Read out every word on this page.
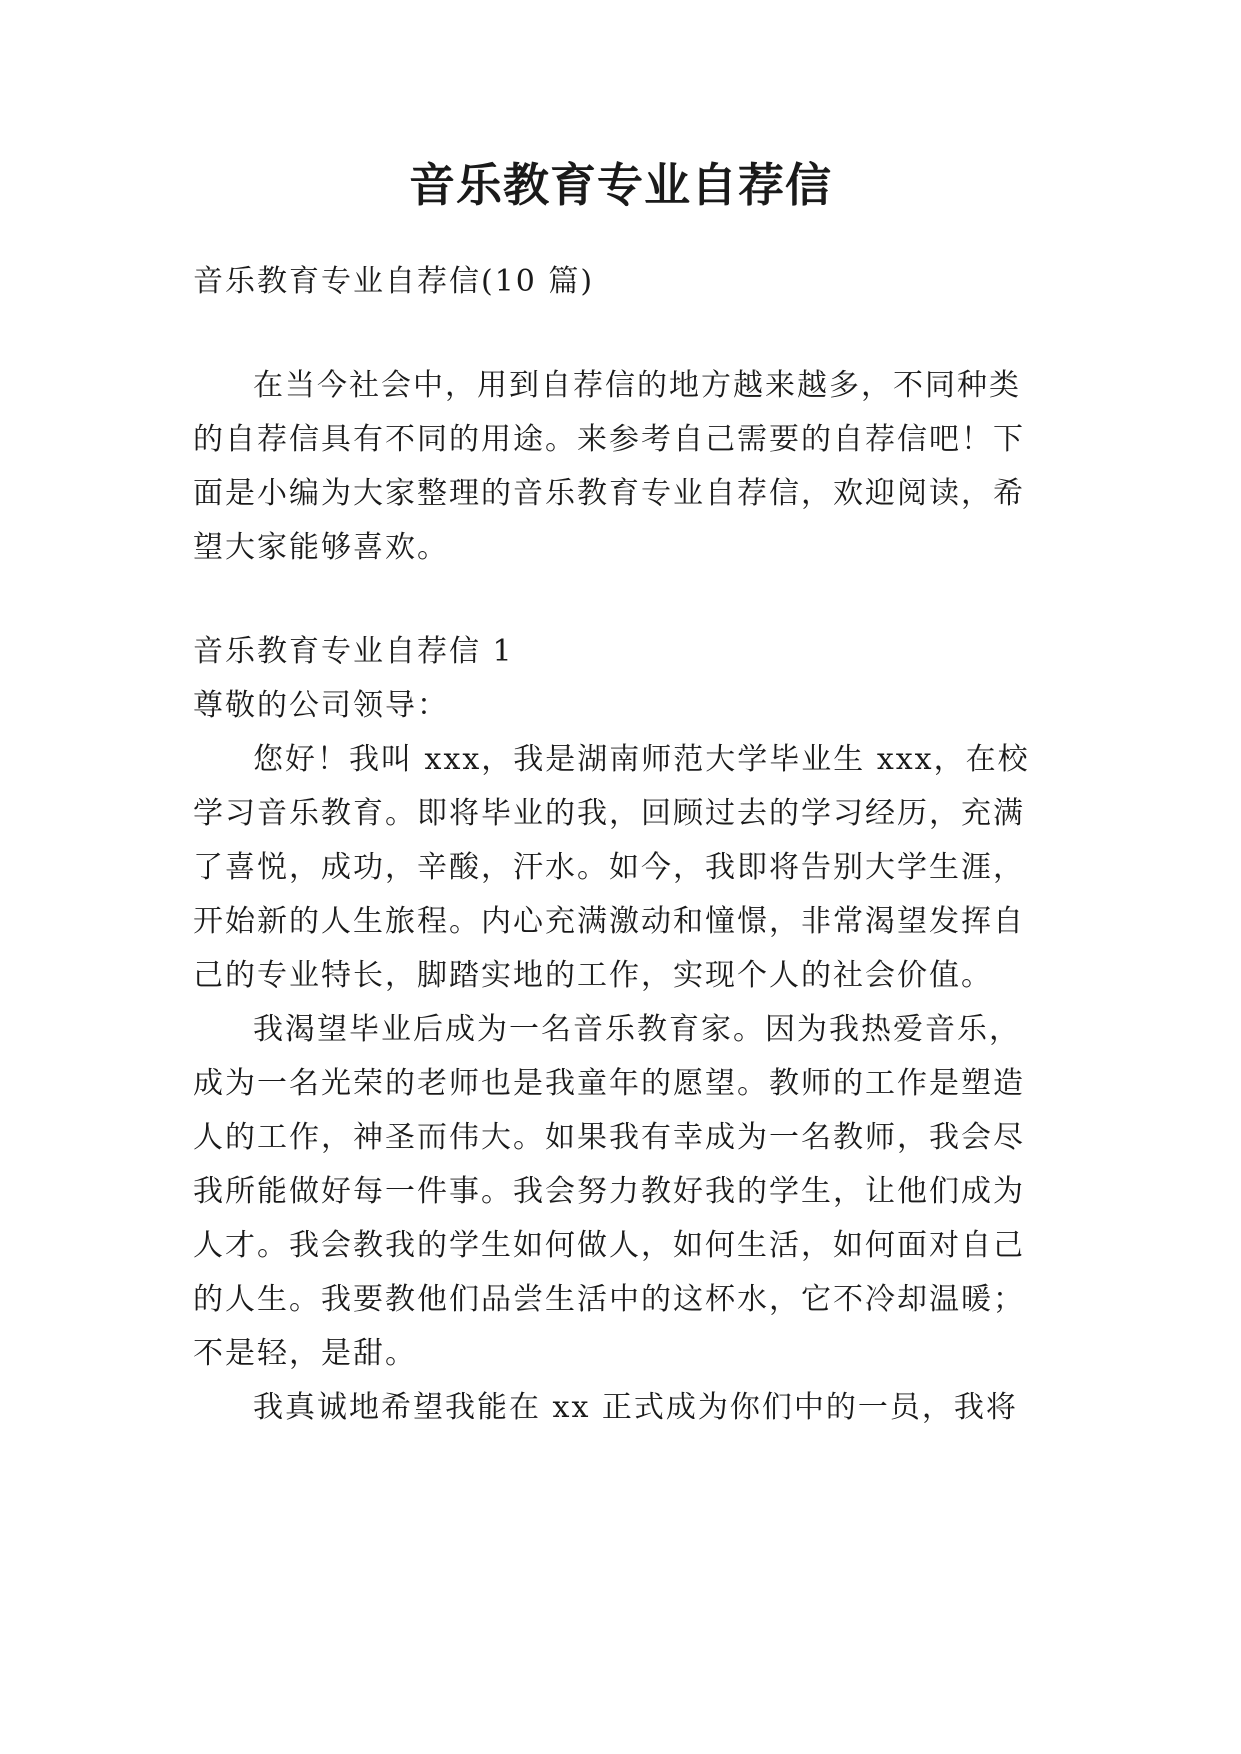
音乐教育专业自荐信
音乐教育专业自荐信(10 篇)
在当今社会中，用到自荐信的地方越来越多，不同种类
的自荐信具有不同的用途。来参考自己需要的自荐信吧！下
面是小编为大家整理的音乐教育专业自荐信，欢迎阅读，希
望大家能够喜欢。
音乐教育专业自荐信 1
尊敬的公司领导：
您好！我叫 xxx，我是湖南师范大学毕业生 xxx，在校
学习音乐教育。即将毕业的我，回顾过去的学习经历，充满
了喜悦，成功，辛酸，汗水。如今，我即将告别大学生涯，
开始新的人生旅程。内心充满激动和憧憬，非常渴望发挥自
己的专业特长，脚踏实地的工作，实现个人的社会价值。
我渴望毕业后成为一名音乐教育家。因为我热爱音乐，
成为一名光荣的老师也是我童年的愿望。教师的工作是塑造
人的工作，神圣而伟大。如果我有幸成为一名教师，我会尽
我所能做好每一件事。我会努力教好我的学生，让他们成为
人才。我会教我的学生如何做人，如何生活，如何面对自己
的人生。我要教他们品尝生活中的这杯水，它不冷却温暖；
不是轻，是甜。
我真诚地希望我能在 xx 正式成为你们中的一员，我将
